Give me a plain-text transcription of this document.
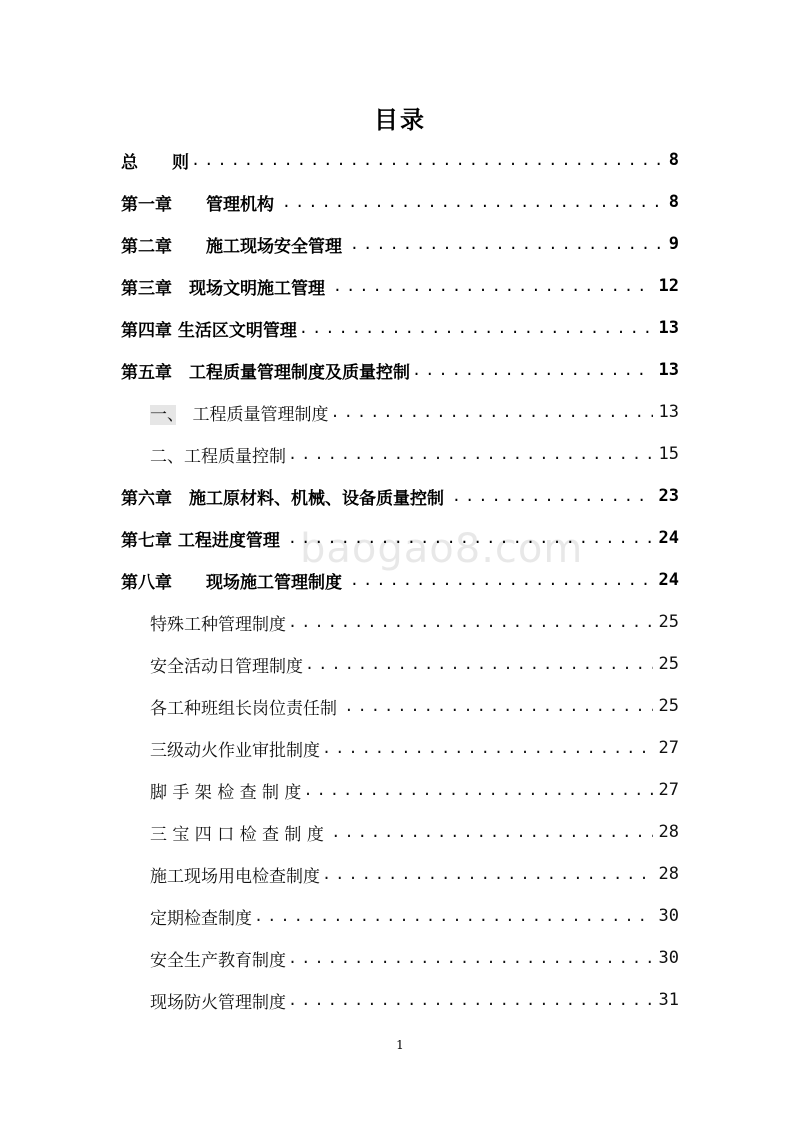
目录
总　　则 .....	8
第一章　　管理机构 .....	8
第二章　　施工现场安全管理 .....	9
第三章　现场文明施工管理 .....	12
第四章 生活区文明管理 .....	13
第五章　工程质量管理制度及质量控制 .....	13
一、　工程质量管理制度 .....	13
二、工程质量控制 .....	15
第六章　施工原材料、机械、设备质量控制 .....	23
第七章 工程进度管理 .....	24
第八章　　现场施工管理制度 .....	24
特殊工种管理制度 .....	25
安全活动日管理制度 .....	25
各工种班组长岗位责任制 .....	25
三级动火作业审批制度 .....	27
脚 手 架 检 查 制 度 .....	27
三 宝 四 口 检 查 制 度 .....	28
施工现场用电检查制度 .....	28
定期检查制度 .....	30
安全生产教育制度 .....	30
现场防火管理制度 .....	31
baogao8.com
1
